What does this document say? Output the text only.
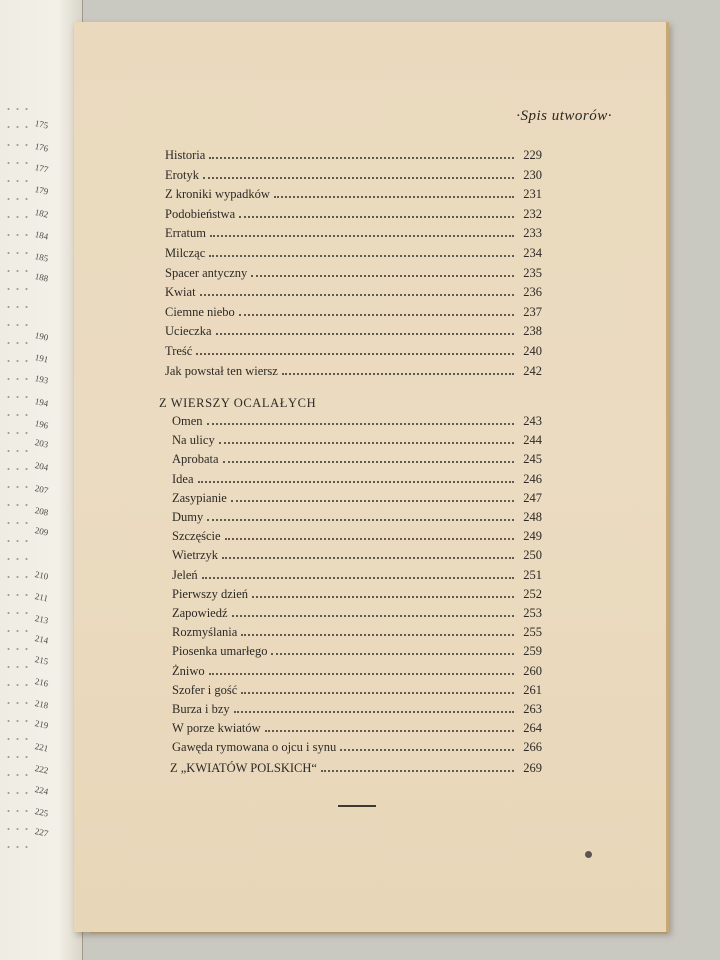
175
176
177
179
182
184
185
188
190
191
193
194
196
203
204
207
208
209
210
211
213
214
215
216
218
219
221
222
224
225
227
·Spis utworów·
Historia	229
Erotyk	230
Z kroniki wypadków	231
Podobieństwa	232
Erratum	233
Milcząc	234
Spacer antyczny	235
Kwiat	236
Ciemne niebo	237
Ucieczka	238
Treść	240
Jak powstał ten wiersz	242
Z WIERSZY OCALAŁYCH
Omen	243
Na ulicy	244
Aprobata	245
Idea	246
Zasypianie	247
Dumy	248
Szczęście	249
Wietrzyk	250
Jeleń	251
Pierwszy dzień	252
Zapowiedź	253
Rozmyślania	255
Piosenka umarłego	259
Żniwo	260
Szofer i gość	261
Burza i bzy	263
W porze kwiatów	264
Gawęda rymowana o ojcu i synu	266
Z „KWIATÓW POLSKICH“	269
